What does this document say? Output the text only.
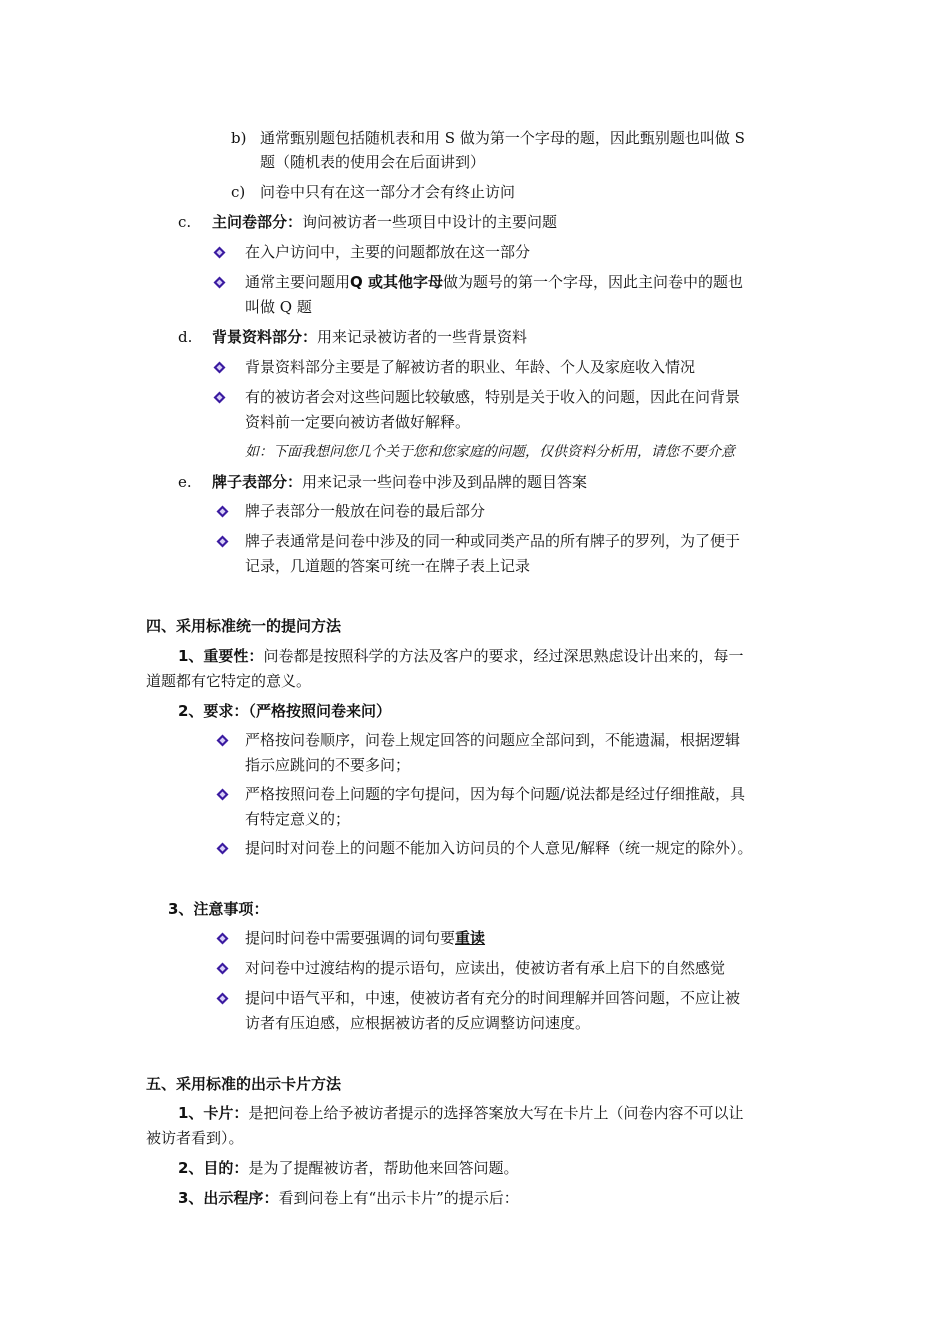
b) 通常甄别题包括随机表和用 S 做为第一个字母的题，因此甄别题也叫做 S
题（随机表的使用会在后面讲到）
c) 问卷中只有在这一部分才会有终止访问
c. 主问卷部分：询问被访者一些项目中设计的主要问题
在入户访问中，主要的问题都放在这一部分
通常主要问题用Q 或其他字母做为题号的第一个字母，因此主问卷中的题也
叫做 Q 题
d. 背景资料部分：用来记录被访者的一些背景资料
背景资料部分主要是了解被访者的职业、年龄、个人及家庭收入情况
有的被访者会对这些问题比较敏感，特别是关于收入的问题，因此在问背景
资料前一定要向被访者做好解释。
如：下面我想问您几个关于您和您家庭的问题，仅供资料分析用，请您不要介意
e. 牌子表部分：用来记录一些问卷中涉及到品牌的题目答案
牌子表部分一般放在问卷的最后部分
牌子表通常是问卷中涉及的同一种或同类产品的所有牌子的罗列，为了便于
记录，几道题的答案可统一在牌子表上记录
四、采用标准统一的提问方法
1、重要性：问卷都是按照科学的方法及客户的要求，经过深思熟虑设计出来的，每一
道题都有它特定的意义。
2、要求：（严格按照问卷来问）
严格按问卷顺序，问卷上规定回答的问题应全部问到，不能遗漏，根据逻辑
指示应跳问的不要多问；
严格按照问卷上问题的字句提问，因为每个问题/说法都是经过仔细推敲，具
有特定意义的；
提问时对问卷上的问题不能加入访问员的个人意见/解释（统一规定的除外）。
3、注意事项：
提问时问卷中需要强调的词句要重读
对问卷中过渡结构的提示语句，应读出，使被访者有承上启下的自然感觉
提问中语气平和，中速，使被访者有充分的时间理解并回答问题，不应让被
访者有压迫感，应根据被访者的反应调整访问速度。
五、采用标准的出示卡片方法
1、卡片：是把问卷上给予被访者提示的选择答案放大写在卡片上（问卷内容不可以让
被访者看到）。
2、目的：是为了提醒被访者，帮助他来回答问题。
3、出示程序：看到问卷上有“出示卡片”的提示后：
